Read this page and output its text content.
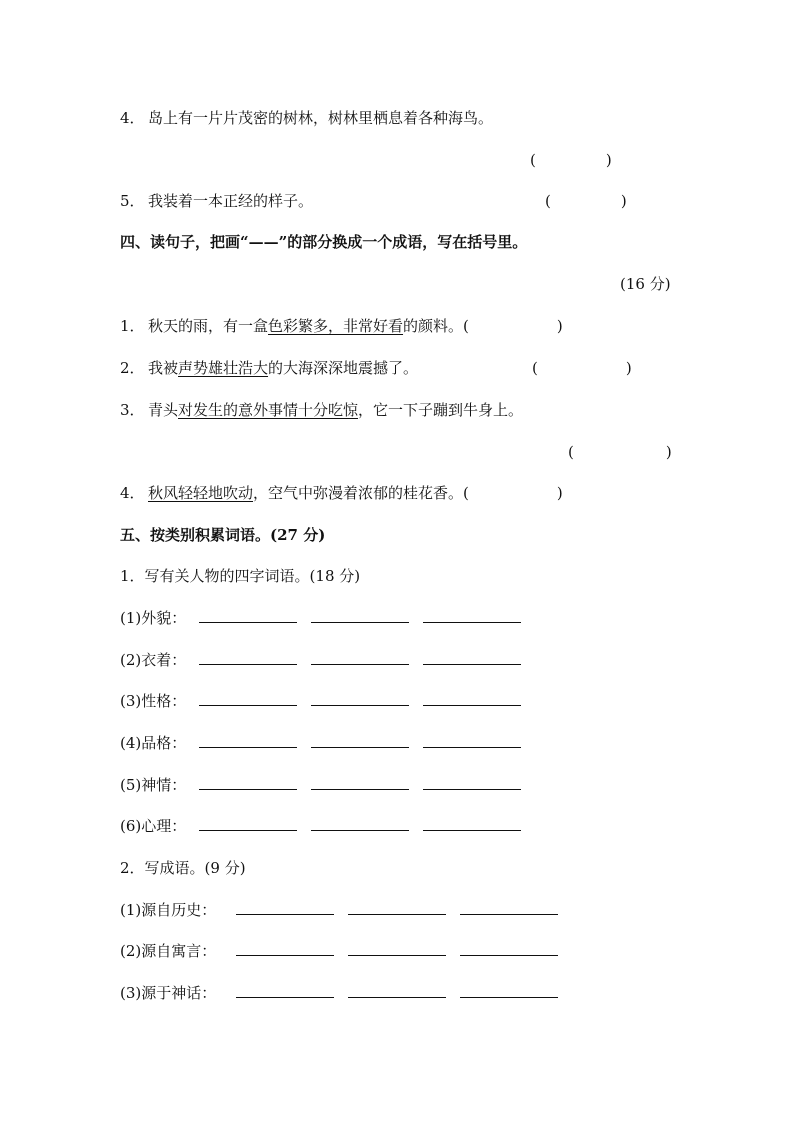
4． 岛上有一片片茂密的树林，树林里栖息着各种海鸟。
(	)
5． 我装着一本正经的样子。	(	)
四、读句子，把画“——”的部分换成一个成语，写在括号里。
(16 分)
1． 秋天的雨，有一盒色彩繁多，非常好看的颜料。(	)
2． 我被声势雄壮浩大的大海深深地震撼了。	(	)
3． 青头对发生的意外事情十分吃惊，它一下子蹦到牛身上。
(	)
4． 秋风轻轻地吹动，空气中弥漫着浓郁的桂花香。(	)
五、按类别积累词语。(27 分)
1．写有关人物的四字词语。(18 分)
(1)外貌：
(2)衣着：
(3)性格：
(4)品格：
(5)神情：
(6)心理：
2．写成语。(9 分)
(1)源自历史：
(2)源自寓言：
(3)源于神话：
